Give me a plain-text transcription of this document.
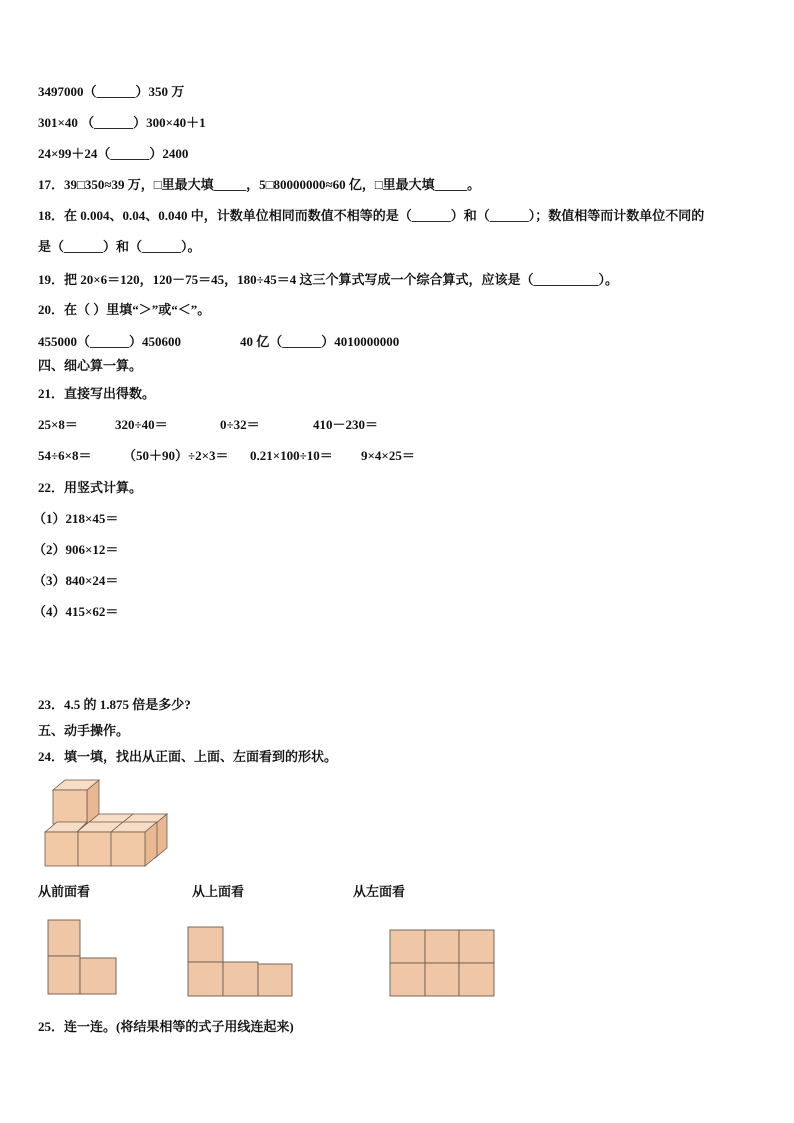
3497000（______）350 万
301×40 （______）300×40＋1
24×99＋24（______）2400
17．39□350≈39 万，□里最大填_____，5□80000000≈60 亿，□里最大填_____。
18．在 0.004、0.04、0.040 中，计数单位相同而数值不相等的是（______）和（______）；数值相等而计数单位不同的
是（______）和（______）。
19．把 20×6＝120，120－75＝45，180÷45＝4 这三个算式写成一个综合算式，应该是（__________）。
20．在（ ）里填“＞”或“＜”。
455000（______）450600	40 亿（______）4010000000
四、细心算一算。
21．直接写出得数。
25×8＝	320÷40＝	0÷32＝	410－230＝
54÷6×8＝ （50＋90）÷2×3＝ 0.21×100÷10＝ 9×4×25＝
22．用竖式计算。
（1）218×45＝
（2）906×12＝
（3）840×24＝
（4）415×62＝
23．4.5 的 1.875 倍是多少?
五、动手操作。
24．填一填，找出从正面、上面、左面看到的形状。
从前面看	从上面看	从左面看
25．连一连。(将结果相等的式子用线连起来)
